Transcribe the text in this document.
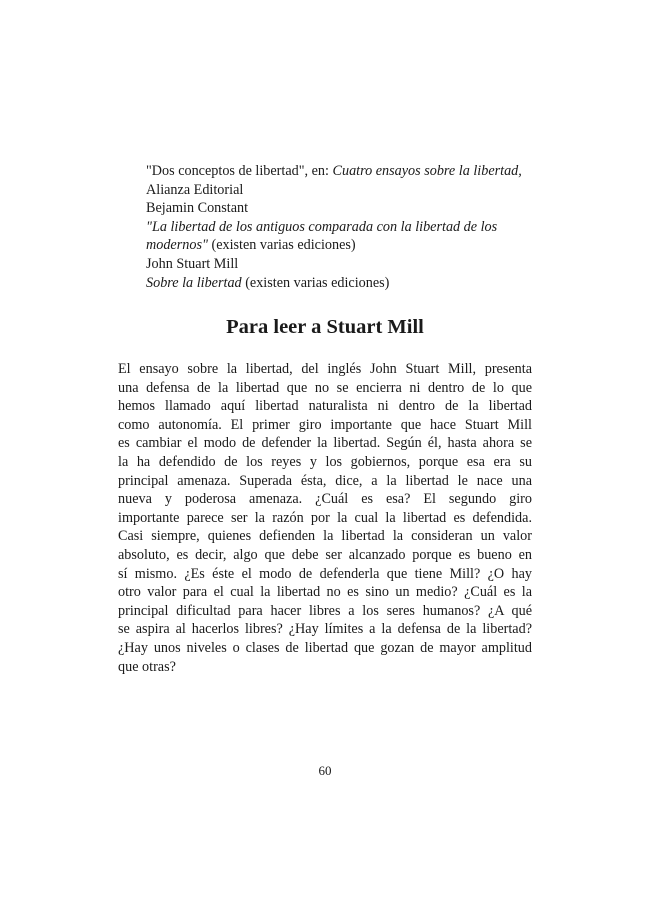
"Dos conceptos de libertad", en: Cuatro ensayos sobre la libertad,
Alianza Editorial
Bejamin Constant
"La libertad de los antiguos comparada con la libertad de los
modernos" (existen varias ediciones)
John Stuart Mill
Sobre la libertad (existen varias ediciones)
Para leer a Stuart Mill
El ensayo sobre la libertad, del inglés John Stuart Mill, presenta
una defensa de la libertad que no se encierra ni dentro de lo que
hemos llamado aquí libertad naturalista ni dentro de la libertad
como autonomía. El primer giro importante que hace Stuart Mill
es cambiar el modo de defender la libertad. Según él, hasta ahora se
la ha defendido de los reyes y los gobiernos, porque esa era su
principal amenaza. Superada ésta, dice, a la libertad le nace una
nueva y poderosa amenaza. ¿Cuál es esa? El segundo giro
importante parece ser la razón por la cual la libertad es defendida.
Casi siempre, quienes defienden la libertad la consideran un valor
absoluto, es decir, algo que debe ser alcanzado porque es bueno en
sí mismo. ¿Es éste el modo de defenderla que tiene Mill? ¿O hay
otro valor para el cual la libertad no es sino un medio? ¿Cuál es la
principal dificultad para hacer libres a los seres humanos? ¿A qué
se aspira al hacerlos libres? ¿Hay límites a la defensa de la libertad?
¿Hay unos niveles o clases de libertad que gozan de mayor amplitud
que otras?
60
